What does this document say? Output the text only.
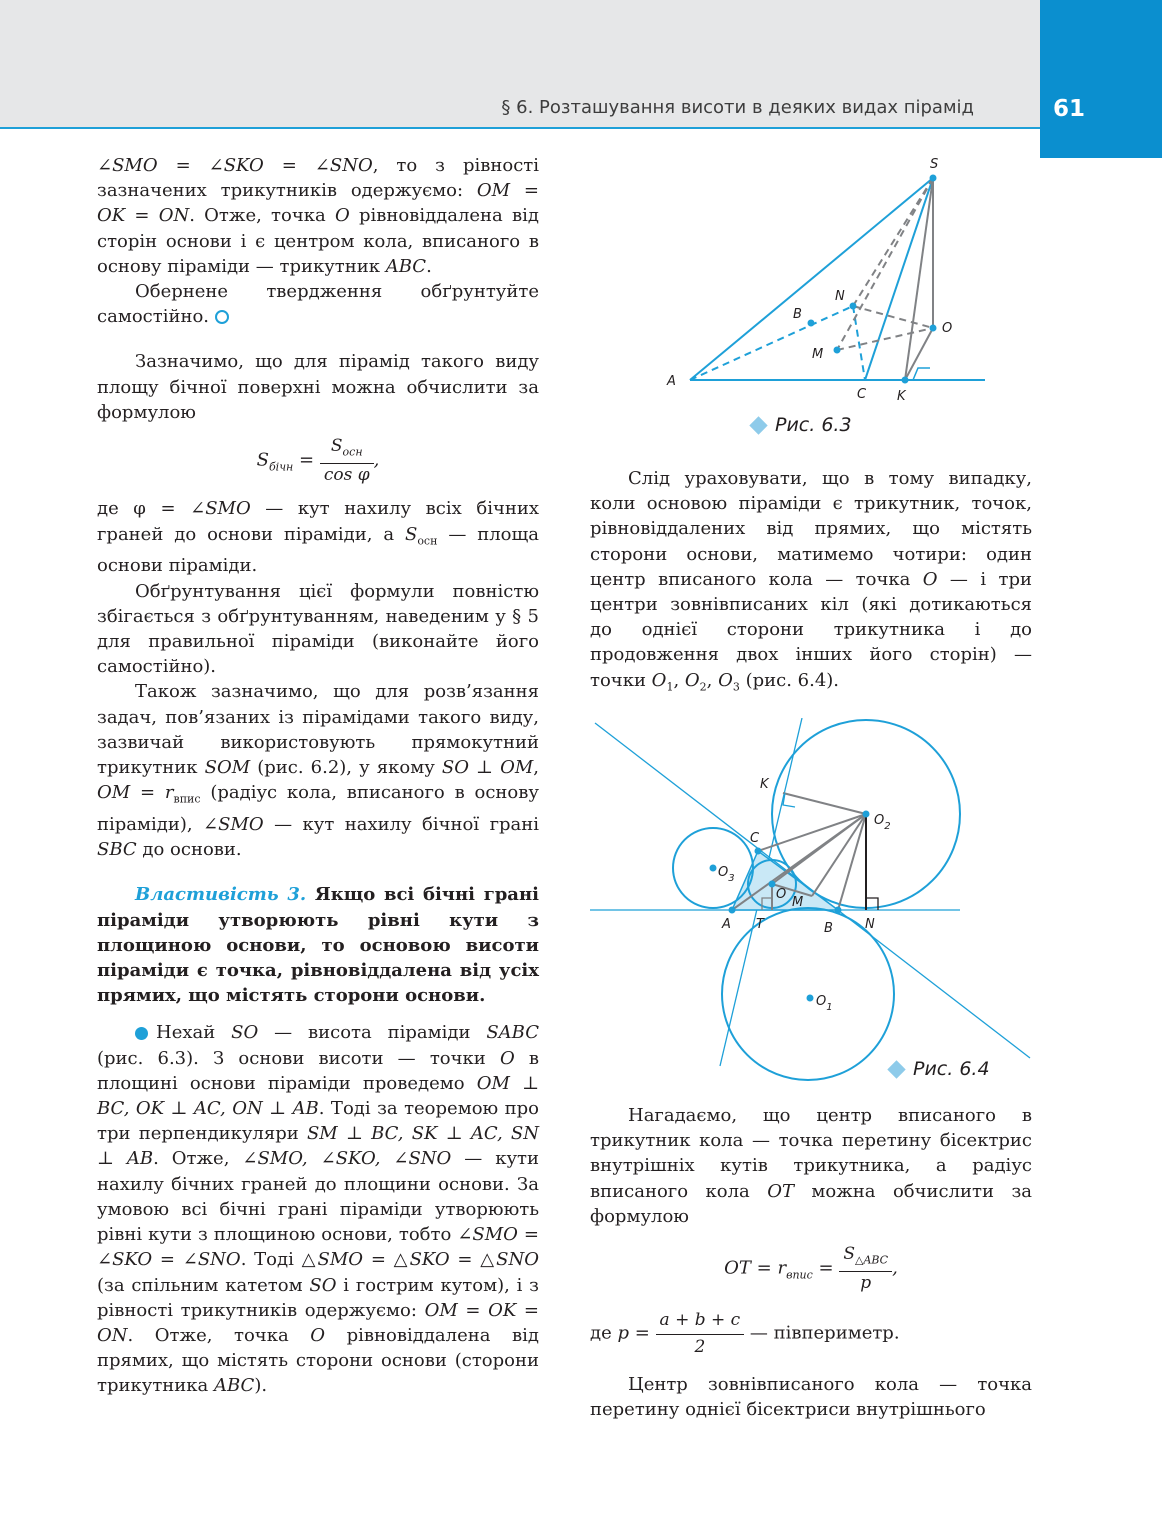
§ 6. Розташування висоти в деяких видах пірамід	61

∠SMO = ∠SKO = ∠SNO, то з рівності зазначених трикутників одержуємо: OM = OK = ON. Отже, точка O рівновіддалена від сторін основи і є центром кола, вписаного в основу піраміди — трикутник ABC.

Обернене твердження обґрунтуйте самостійно.

Зазначимо, що для пірамід такого виду площу бічної поверхні можна обчислити за формулою

$S_{бічн} = \frac{S_{осн}}{\text{cos φ}}$ ,

де φ = ∠SMO — кут нахилу всіх бічних граней до основи піраміди, а $S_{осн}$ — площа основи піраміди.

Обґрунтування цієї формули повністю збігається з обґрунтуванням, наведеним у § 5 для правильної піраміди (виконайте його самостійно).

Також зазначимо, що для розв’язання задач, пов’язаних із пірамідами такого виду, зазвичай використовують прямокутний трикутник SOM (рис. 6.2), у якому SO ⊥ OM, OM = $r_{впис}$ (радіус кола, вписаного в основу піраміди), ∠SMO — кут нахилу бічної грані SBC до основи.

Властивість 3. Якщо всі бічні грані піраміди утворюють рівні кути з площиною основи, то основою висоти піраміди є точка, рівновіддалена від усіх прямих, що містять сторони основи.

Нехай SO — висота піраміди SABC (рис. 6.3). З основи висоти — точки O в площині основи піраміди проведемо OM ⊥ BC, OK ⊥ AC, ON ⊥ AB. Тоді за теоремою про три перпендикуляри SM ⊥ BC, SK ⊥ AC, SN ⊥ AB. Отже, ∠SMO, ∠SKO, ∠SNO — кути нахилу бічних граней до площини основи. За умовою всі бічні грані піраміди утворюють рівні кути з площиною основи, тобто ∠SMO = ∠SKO = ∠SNO. Тоді △SMO = △SKO = △SNO (за спільним катетом SO і гострим кутом), і з рівності трикутників одержуємо: OM = OK = ON. Отже, точка O рівновіддалена від прямих, що містять сторони основи (сторони трикутника ABC).

S
N
B
O
M
A
C K
Рис. 6.3

Слід ураховувати, що в тому випадку, коли основою піраміди є трикутник, точок, рівновіддалених від прямих, що містять сторони основи, матимемо чотири: один центр вписаного кола — точка O — і три центри зовнівписаних кіл (які дотикаються до однієї сторони трикутника і до продовження двох інших його сторін) — точки $O_1$, $O_2$, $O_3$ (рис. 6.4).

K
$O_2$
C
$O_3$
O
M
A T	B N
$O_1$
Рис. 6.4

Нагадаємо, що центр вписаного в трикутник кола — точка перетину бісектрис внутрішніх кутів трикутника, а радіус вписаного кола OT можна обчислити за формулою

OT = $r_{впис} = \frac{S_{\triangle ABC}}{p}$ ,

де $p = \frac{a + b + c}{2}$ — півпериметр.

Центр зовнівписаного кола — точка перетину однієї бісектриси внутрішнього
